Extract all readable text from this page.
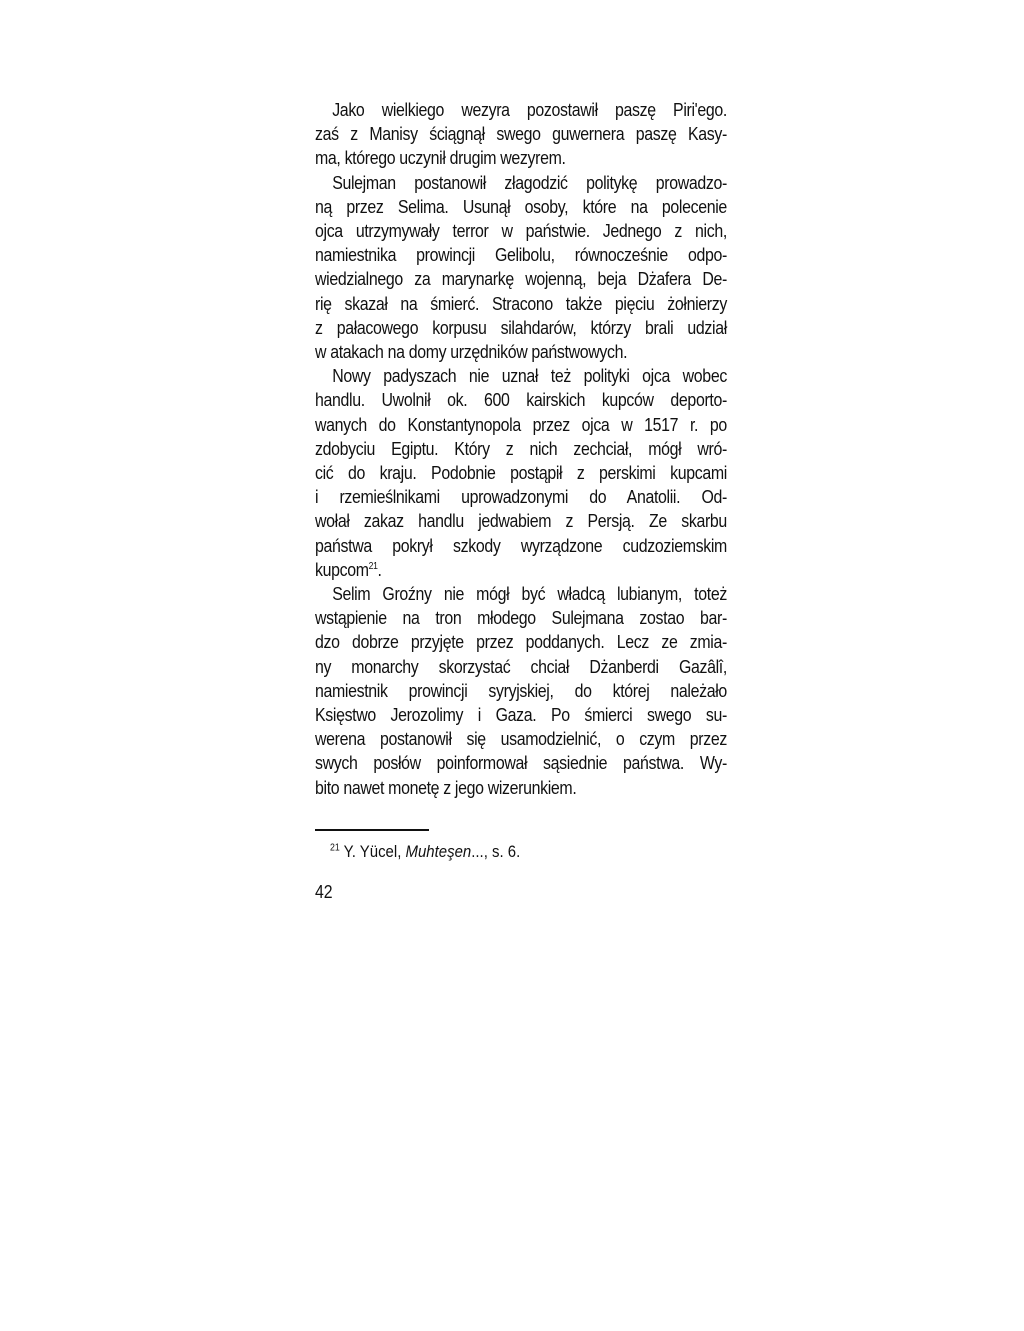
Jako wielkiego wezyra pozostawił paszę Piri'ego.
zaś z Manisy ściągnął swego guwernera paszę Kasy-
ma, którego uczynił drugim wezyrem.
Sulejman postanowił złagodzić politykę prowadzo-
ną przez Selima. Usunął osoby, które na polecenie
ojca utrzymywały terror w państwie. Jednego z nich,
namiestnika prowincji Gelibolu, równocześnie odpo-
wiedzialnego za marynarkę wojenną, beja Dżafera De-
rię skazał na śmierć. Stracono także pięciu żołnierzy
z pałacowego korpusu silahdarów, którzy brali udział
w atakach na domy urzędników państwowych.
Nowy padyszach nie uznał też polityki ojca wobec
handlu. Uwolnił ok. 600 kairskich kupców deporto-
wanych do Konstantynopola przez ojca w 1517 r. po
zdobyciu Egiptu. Który z nich zechciał, mógł wró-
cić do kraju. Podobnie postąpił z perskimi kupcami
i rzemieślnikami uprowadzonymi do Anatolii. Od-
wołał zakaz handlu jedwabiem z Persją. Ze skarbu
państwa pokrył szkody wyrządzone cudzoziemskim
kupcom$^{21}$.
Selim Groźny nie mógł być władcą lubianym, toteż
wstąpienie na tron młodego Sulejmana zostao bar-
dzo dobrze przyjęte przez poddanych. Lecz ze zmia-
ny monarchy skorzystać chciał Dżanberdi Gazâlî,
namiestnik prowincji syryjskiej, do której należało
Księstwo Jerozolimy i Gaza. Po śmierci swego su-
werena postanowił się usamodzielnić, o czym przez
swych posłów poinformował sąsiednie państwa. Wy-
bito nawet monetę z jego wizerunkiem.
$^{21}$ Y. Yücel, Muhteşen..., s. 6.
42
